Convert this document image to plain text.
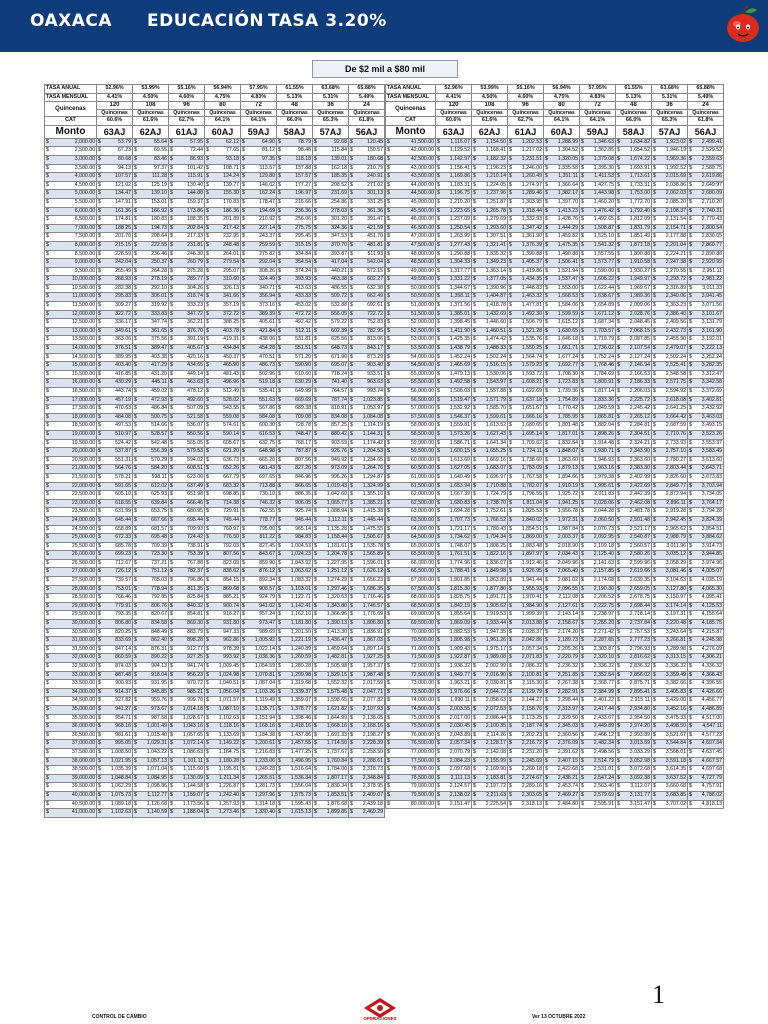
OAXACA EDUCACIÓN TASA 3.20%
De $2 mil a $80 mil
TASA ANUAL	52.96%	53.99%	55.16%	56.94%	57.95%	61.55%	63.68%	65.88%
TASA MENSUAL	4.41%	4.50%	4.60%	4.75%	4.83%	5.13%	5.31%	5.49%
Quincenas	120	108	96	80	72	48	36	24
	Quincenas	Quincenas	Quincenas	Quincenas	Quincenas	Quincenas	Quincenas	Quincenas
CAT	60.6%	61.6%	62.7%	64.1%	64.1%	66.0%	65.3%	61.8%
Monto	63AJ	62AJ	61AJ	60AJ	59AJ	58AJ	57AJ	56AJ

$ 2,000.00	$ 53.79	$ 55.64	$ 57.95	$ 62.12	$ 64.90	$ 78.79	$ 92.68	$ 120.45

$ 2,500.00	$ 67.23	$ 69.55	$ 72.44	$ 77.65	$ 81.12	$ 98.48	$ 115.84	$ 150.57

$ 3,000.00	$ 80.68	$ 83.46	$ 86.93	$ 93.18	$ 97.35	$ 118.18	$ 139.01	$ 180.68

$ 3,500.00	$ 94.13	$ 97.37	$ 101.42	$ 108.71	$ 113.57	$ 137.88	$ 162.18	$ 210.79

$ 4,000.00	$ 107.57	$ 111.28	$ 115.91	$ 124.24	$ 129.80	$ 157.57	$ 185.35	$ 240.91

$ 4,500.00	$ 121.02	$ 125.19	$ 130.40	$ 139.77	$ 146.02	$ 177.27	$ 208.52	$ 271.02

$ 5,000.00	$ 134.47	$ 139.10	$ 144.88	$ 155.30	$ 162.24	$ 196.97	$ 231.69	$ 301.13

$ 5,500.00	$ 147.91	$ 153.01	$ 159.37	$ 170.83	$ 178.47	$ 216.66	$ 254.86	$ 331.25

$ 6,000.00	$ 161.36	$ 166.92	$ 173.86	$ 186.36	$ 194.69	$ 236.36	$ 278.03	$ 361.36

$ 6,500.00	$ 174.81	$ 180.83	$ 188.35	$ 201.89	$ 210.92	$ 256.06	$ 301.20	$ 391.47

$ 7,000.00	$ 188.25	$ 194.73	$ 202.84	$ 217.42	$ 227.14	$ 275.75	$ 324.36	$ 421.59

$ 7,500.00	$ 201.70	$ 208.64	$ 217.33	$ 232.95	$ 243.37	$ 295.45	$ 347.53	$ 451.70

$ 8,000.00	$ 215.15	$ 222.55	$ 231.81	$ 248.48	$ 259.59	$ 315.15	$ 370.70	$ 481.81

$ 8,500.00	$ 228.59	$ 236.46	$ 246.30	$ 264.01	$ 275.82	$ 334.84	$ 393.87	$ 511.93

$ 9,000.00	$ 242.04	$ 250.37	$ 260.79	$ 279.54	$ 292.04	$ 354.54	$ 417.04	$ 542.04

$ 9,500.00	$ 255.49	$ 264.28	$ 275.28	$ 295.07	$ 308.26	$ 374.24	$ 440.21	$ 572.15

$ 10,000.00	$ 268.93	$ 278.19	$ 289.77	$ 310.60	$ 324.49	$ 393.93	$ 463.38	$ 602.27

$ 10,500.00	$ 282.38	$ 292.10	$ 304.26	$ 326.13	$ 340.71	$ 413.63	$ 486.55	$ 632.38

$ 11,000.00	$ 295.83	$ 306.01	$ 318.74	$ 341.66	$ 356.94	$ 433.33	$ 509.72	$ 662.49

$ 11,500.00	$ 309.27	$ 319.92	$ 333.23	$ 357.19	$ 373.16	$ 453.02	$ 532.88	$ 692.61

$ 12,000.00	$ 322.72	$ 333.83	$ 347.72	$ 372.72	$ 389.39	$ 472.72	$ 556.05	$ 722.72

$ 12,500.00	$ 336.17	$ 347.74	$ 362.21	$ 388.25	$ 405.61	$ 492.42	$ 579.22	$ 752.83

$ 13,000.00	$ 349.61	$ 361.65	$ 376.70	$ 403.78	$ 421.84	$ 512.11	$ 602.39	$ 782.95

$ 13,500.00	$ 363.06	$ 375.56	$ 391.19	$ 419.31	$ 438.06	$ 531.81	$ 625.56	$ 813.06

$ 14,000.00	$ 376.51	$ 389.47	$ 405.67	$ 434.84	$ 454.28	$ 551.51	$ 648.73	$ 843.17

$ 14,500.00	$ 389.95	$ 403.38	$ 420.16	$ 450.37	$ 470.51	$ 571.20	$ 671.90	$ 873.29

$ 15,000.00	$ 403.40	$ 417.29	$ 434.65	$ 465.90	$ 486.73	$ 590.90	$ 695.07	$ 903.40

$ 15,500.00	$ 416.85	$ 431.20	$ 449.14	$ 481.43	$ 502.96	$ 610.60	$ 718.24	$ 933.51

$ 16,000.00	$ 430.29	$ 445.11	$ 463.63	$ 496.96	$ 519.18	$ 630.29	$ 741.40	$ 963.63

$ 16,500.00	$ 443.74	$ 459.02	$ 478.12	$ 512.49	$ 535.41	$ 649.99	$ 764.57	$ 993.74

$ 17,000.00	$ 457.19	$ 472.93	$ 492.60	$ 528.02	$ 551.63	$ 669.69	$ 787.74	$ 1,023.85

$ 17,500.00	$ 470.63	$ 486.84	$ 507.09	$ 543.55	$ 567.86	$ 689.38	$ 810.91	$ 1,053.97

$ 18,000.00	$ 484.08	$ 500.75	$ 521.58	$ 559.08	$ 584.08	$ 709.08	$ 834.08	$ 1,084.08

$ 18,500.00	$ 497.53	$ 514.66	$ 536.07	$ 574.61	$ 600.30	$ 728.78	$ 857.25	$ 1,114.19

$ 19,000.00	$ 510.97	$ 528.57	$ 550.56	$ 590.14	$ 616.53	$ 748.47	$ 880.42	$ 1,144.31

$ 19,500.00	$ 524.42	$ 542.48	$ 565.05	$ 605.67	$ 632.75	$ 768.17	$ 903.59	$ 1,174.42

$ 20,000.00	$ 537.87	$ 556.39	$ 579.53	$ 621.20	$ 648.98	$ 787.87	$ 926.76	$ 1,204.53

$ 20,500.00	$ 551.31	$ 570.29	$ 594.02	$ 636.73	$ 665.20	$ 807.56	$ 949.92	$ 1,234.65

$ 21,000.00	$ 564.76	$ 584.20	$ 608.51	$ 652.26	$ 681.43	$ 827.26	$ 973.09	$ 1,264.76

$ 21,500.00	$ 578.21	$ 598.11	$ 623.00	$ 667.79	$ 697.65	$ 846.96	$ 996.26	$ 1,294.87

$ 22,000.00	$ 591.65	$ 612.02	$ 637.49	$ 683.32	$ 713.88	$ 866.65	$ 1,019.43	$ 1,324.99

$ 22,500.00	$ 605.10	$ 625.93	$ 651.98	$ 698.85	$ 730.10	$ 886.35	$ 1,042.60	$ 1,355.10

$ 23,000.00	$ 618.55	$ 639.84	$ 666.46	$ 714.38	$ 746.32	$ 906.05	$ 1,065.77	$ 1,385.21

$ 23,500.00	$ 631.99	$ 653.75	$ 680.95	$ 729.91	$ 762.55	$ 925.74	$ 1,088.94	$ 1,415.33

$ 24,000.00	$ 645.44	$ 667.66	$ 695.44	$ 745.44	$ 778.77	$ 945.44	$ 1,112.11	$ 1,445.44

$ 24,500.00	$ 658.89	$ 681.57	$ 709.93	$ 760.97	$ 795.00	$ 965.14	$ 1,135.28	$ 1,475.55

$ 25,000.00	$ 672.33	$ 695.48	$ 724.42	$ 776.50	$ 811.22	$ 984.83	$ 1,158.44	$ 1,505.67

$ 25,500.00	$ 685.78	$ 709.39	$ 738.91	$ 792.03	$ 827.45	$ 1,004.53	$ 1,181.61	$ 1,535.78

$ 26,000.00	$ 699.23	$ 723.30	$ 753.39	$ 807.56	$ 843.67	$ 1,024.23	$ 1,204.78	$ 1,565.89

$ 26,500.00	$ 712.67	$ 737.21	$ 767.88	$ 823.09	$ 859.90	$ 1,043.92	$ 1,227.95	$ 1,596.01

$ 27,000.00	$ 726.12	$ 751.12	$ 782.37	$ 838.62	$ 876.12	$ 1,063.62	$ 1,251.12	$ 1,626.12

$ 27,500.00	$ 739.57	$ 765.03	$ 796.86	$ 854.15	$ 892.34	$ 1,083.32	$ 1,274.29	$ 1,656.23

$ 28,000.00	$ 753.01	$ 778.94	$ 811.35	$ 869.68	$ 908.57	$ 1,103.01	$ 1,297.46	$ 1,686.35

$ 28,500.00	$ 766.46	$ 792.85	$ 825.84	$ 885.21	$ 924.79	$ 1,122.71	$ 1,320.63	$ 1,716.46

$ 29,000.00	$ 779.91	$ 806.76	$ 840.32	$ 900.74	$ 941.02	$ 1,142.41	$ 1,343.80	$ 1,746.57

$ 29,500.00	$ 793.35	$ 820.67	$ 854.81	$ 916.27	$ 957.24	$ 1,162.10	$ 1,366.96	$ 1,776.69

$ 30,000.00	$ 806.80	$ 834.58	$ 869.30	$ 931.80	$ 973.47	$ 1,181.80	$ 1,390.13	$ 1,806.80

$ 30,500.00	$ 820.25	$ 848.49	$ 883.79	$ 947.33	$ 989.69	$ 1,201.50	$ 1,413.30	$ 1,836.91

$ 31,000.00	$ 833.69	$ 862.40	$ 898.28	$ 962.86	$ 1,005.92	$ 1,221.19	$ 1,436.47	$ 1,867.03

$ 31,500.00	$ 847.14	$ 876.31	$ 912.77	$ 978.39	$ 1,022.14	$ 1,240.89	$ 1,459.64	$ 1,897.14

$ 32,000.00	$ 860.59	$ 890.22	$ 927.25	$ 993.92	$ 1,038.36	$ 1,260.59	$ 1,482.81	$ 1,927.25

$ 32,500.00	$ 874.03	$ 904.13	$ 941.74	$ 1,009.45	$ 1,054.59	$ 1,280.28	$ 1,505.98	$ 1,957.37

$ 33,000.00	$ 887.48	$ 918.04	$ 956.23	$ 1,024.98	$ 1,070.81	$ 1,299.98	$ 1,529.15	$ 1,987.48

$ 33,500.00	$ 900.93	$ 931.95	$ 970.72	$ 1,040.51	$ 1,087.04	$ 1,319.68	$ 1,552.32	$ 2,017.59

$ 34,000.00	$ 914.37	$ 945.85	$ 985.21	$ 1,056.04	$ 1,103.26	$ 1,339.37	$ 1,575.48	$ 2,047.71

$ 34,500.00	$ 927.82	$ 959.76	$ 999.70	$ 1,071.57	$ 1,119.49	$ 1,359.07	$ 1,598.65	$ 2,077.82

$ 35,000.00	$ 941.27	$ 973.67	$ 1,014.18	$ 1,087.10	$ 1,135.71	$ 1,378.77	$ 1,621.82	$ 2,107.93

$ 35,500.00	$ 954.71	$ 987.58	$ 1,028.67	$ 1,102.63	$ 1,151.94	$ 1,398.46	$ 1,644.99	$ 2,138.05

$ 36,000.00	$ 968.16	$ 1,001.49	$ 1,043.16	$ 1,118.16	$ 1,168.16	$ 1,418.16	$ 1,668.16	$ 2,168.16

$ 36,500.00	$ 981.61	$ 1,015.40	$ 1,057.65	$ 1,133.69	$ 1,184.38	$ 1,437.86	$ 1,691.33	$ 2,198.27

$ 37,000.00	$ 995.05	$ 1,029.31	$ 1,072.14	$ 1,149.22	$ 1,200.61	$ 1,457.55	$ 1,714.50	$ 2,228.39

$ 37,500.00	$ 1,008.50	$ 1,043.22	$ 1,086.63	$ 1,164.75	$ 1,216.83	$ 1,477.25	$ 1,737.67	$ 2,258.50

$ 38,000.00	$ 1,021.95	$ 1,057.13	$ 1,101.11	$ 1,180.28	$ 1,233.06	$ 1,496.95	$ 1,760.84	$ 2,288.61

$ 38,500.00	$ 1,035.39	$ 1,071.04	$ 1,115.60	$ 1,195.81	$ 1,249.28	$ 1,516.64	$ 1,784.00	$ 2,318.73

$ 39,000.00	$ 1,048.84	$ 1,084.95	$ 1,130.09	$ 1,211.34	$ 1,265.51	$ 1,536.34	$ 1,807.17	$ 2,348.84

$ 39,500.00	$ 1,062.29	$ 1,098.86	$ 1,144.58	$ 1,226.87	$ 1,281.73	$ 1,556.04	$ 1,830.34	$ 2,378.95

$ 40,000.00	$ 1,075.73	$ 1,112.77	$ 1,159.07	$ 1,242.40	$ 1,297.96	$ 1,575.73	$ 1,853.51	$ 2,409.07

$ 40,500.00	$ 1,089.18	$ 1,126.68	$ 1,173.56	$ 1,257.93	$ 1,314.18	$ 1,595.43	$ 1,876.68	$ 2,439.18

$ 41,000.00	$ 1,102.63	$ 1,140.59	$ 1,188.04	$ 1,273.46	$ 1,330.40	$ 1,615.13	$ 1,899.85	$ 2,469.29
TASA ANUAL	52.96%	53.99%	55.16%	56.94%	57.95%	61.55%	63.68%	65.88%
TASA MENSUAL	4.41%	4.50%	4.60%	4.75%	4.83%	5.13%	5.31%	5.49%
Quincenas	120	108	96	80	72	48	36	24
	Quincenas	Quincenas	Quincenas	Quincenas	Quincenas	Quincenas	Quincenas	Quincenas
CAT	60.6%	61.6%	62.7%	64.1%	64.1%	66.0%	65.3%	61.8%
Monto	63AJ	62AJ	61AJ	60AJ	59AJ	58AJ	57AJ	56AJ

$ 41,500.00	$ 1,116.07	$ 1,154.50	$ 1,202.53	$ 1,288.99	$ 1,346.63	$ 1,634.82	$ 1,923.02	$ 2,499.41

$ 42,000.00	$ 1,129.52	$ 1,168.41	$ 1,217.02	$ 1,304.52	$ 1,362.85	$ 1,654.52	$ 1,946.19	$ 2,529.52

$ 42,500.00	$ 1,142.97	$ 1,182.32	$ 1,231.51	$ 1,320.05	$ 1,379.08	$ 1,674.22	$ 1,969.36	$ 2,559.63

$ 43,000.00	$ 1,156.41	$ 1,196.23	$ 1,246.00	$ 1,335.58	$ 1,395.30	$ 1,693.91	$ 1,992.52	$ 2,589.75

$ 43,500.00	$ 1,169.86	$ 1,210.14	$ 1,260.49	$ 1,351.11	$ 1,411.53	$ 1,713.61	$ 2,015.69	$ 2,619.86

$ 44,000.00	$ 1,183.31	$ 1,224.05	$ 1,274.97	$ 1,366.64	$ 1,427.75	$ 1,733.31	$ 2,038.86	$ 2,649.97

$ 44,500.00	$ 1,196.75	$ 1,237.96	$ 1,289.46	$ 1,382.17	$ 1,443.98	$ 1,753.00	$ 2,062.03	$ 2,680.09

$ 45,000.00	$ 1,210.20	$ 1,251.87	$ 1,303.95	$ 1,397.70	$ 1,460.20	$ 1,772.70	$ 2,085.20	$ 2,710.20

$ 45,500.00	$ 1,223.65	$ 1,265.78	$ 1,318.44	$ 1,413.23	$ 1,476.42	$ 1,792.40	$ 2,108.37	$ 2,740.31

$ 46,000.00	$ 1,237.09	$ 1,279.69	$ 1,332.93	$ 1,428.76	$ 1,492.65	$ 1,812.09	$ 2,131.54	$ 2,770.43

$ 46,500.00	$ 1,250.54	$ 1,293.60	$ 1,347.42	$ 1,444.29	$ 1,508.87	$ 1,831.79	$ 2,154.71	$ 2,800.54

$ 47,000.00	$ 1,263.99	$ 1,307.51	$ 1,361.90	$ 1,459.82	$ 1,525.10	$ 1,851.49	$ 2,177.88	$ 2,830.65

$ 47,500.00	$ 1,277.43	$ 1,321.41	$ 1,376.39	$ 1,475.35	$ 1,541.32	$ 1,871.18	$ 2,201.04	$ 2,860.77

$ 48,000.00	$ 1,290.88	$ 1,335.32	$ 1,390.88	$ 1,490.88	$ 1,557.55	$ 1,890.88	$ 2,224.21	$ 2,890.88

$ 48,500.00	$ 1,304.33	$ 1,349.23	$ 1,405.37	$ 1,506.41	$ 1,573.77	$ 1,910.58	$ 2,247.38	$ 2,920.99

$ 49,000.00	$ 1,317.77	$ 1,363.14	$ 1,419.86	$ 1,521.94	$ 1,590.00	$ 1,930.27	$ 2,270.55	$ 2,951.11

$ 49,500.00	$ 1,331.22	$ 1,377.05	$ 1,434.35	$ 1,537.47	$ 1,606.22	$ 1,949.97	$ 2,293.72	$ 2,981.22

$ 50,000.00	$ 1,344.67	$ 1,390.96	$ 1,448.83	$ 1,553.00	$ 1,622.44	$ 1,969.67	$ 2,316.89	$ 3,011.33

$ 50,500.00	$ 1,358.11	$ 1,404.87	$ 1,463.32	$ 1,568.53	$ 1,638.67	$ 1,989.36	$ 2,340.06	$ 3,041.45

$ 51,000.00	$ 1,371.56	$ 1,418.78	$ 1,477.81	$ 1,584.06	$ 1,654.89	$ 2,009.06	$ 2,363.23	$ 3,071.56

$ 51,500.00	$ 1,385.01	$ 1,432.69	$ 1,492.30	$ 1,599.59	$ 1,671.12	$ 2,028.76	$ 2,386.40	$ 3,101.67

$ 52,000.00	$ 1,398.45	$ 1,446.60	$ 1,506.79	$ 1,615.12	$ 1,687.34	$ 2,048.45	$ 2,409.56	$ 3,131.79

$ 52,500.00	$ 1,411.90	$ 1,460.51	$ 1,521.28	$ 1,630.65	$ 1,703.57	$ 2,068.15	$ 2,432.73	$ 3,161.90

$ 53,000.00	$ 1,425.35	$ 1,474.42	$ 1,535.76	$ 1,646.18	$ 1,719.79	$ 2,087.85	$ 2,455.90	$ 3,192.01

$ 53,500.00	$ 1,438.79	$ 1,488.33	$ 1,550.25	$ 1,661.71	$ 1,736.02	$ 2,107.54	$ 2,479.07	$ 3,222.13

$ 54,000.00	$ 1,452.24	$ 1,502.24	$ 1,564.74	$ 1,677.24	$ 1,752.24	$ 2,127.24	$ 2,502.24	$ 3,252.24

$ 54,500.00	$ 1,465.69	$ 1,516.15	$ 1,579.23	$ 1,692.77	$ 1,768.46	$ 2,146.94	$ 2,525.41	$ 3,282.35

$ 55,000.00	$ 1,479.13	$ 1,530.06	$ 1,593.72	$ 1,708.30	$ 1,784.69	$ 2,166.63	$ 2,548.58	$ 3,312.47

$ 55,500.00	$ 1,492.58	$ 1,543.97	$ 1,608.21	$ 1,723.83	$ 1,800.91	$ 2,186.33	$ 2,571.75	$ 3,342.58

$ 56,000.00	$ 1,506.03	$ 1,557.88	$ 1,622.69	$ 1,739.36	$ 1,817.14	$ 2,206.03	$ 2,594.92	$ 3,372.69

$ 56,500.00	$ 1,519.47	$ 1,571.79	$ 1,637.18	$ 1,754.89	$ 1,833.36	$ 2,225.72	$ 2,618.08	$ 3,402.81

$ 57,000.00	$ 1,532.92	$ 1,585.70	$ 1,651.67	$ 1,770.42	$ 1,849.59	$ 2,245.42	$ 2,641.25	$ 3,432.92

$ 57,500.00	$ 1,546.37	$ 1,599.61	$ 1,666.16	$ 1,785.95	$ 1,865.81	$ 2,265.12	$ 2,664.42	$ 3,463.03

$ 58,000.00	$ 1,559.81	$ 1,613.52	$ 1,680.65	$ 1,801.48	$ 1,882.04	$ 2,284.81	$ 2,687.59	$ 3,493.15

$ 58,500.00	$ 1,573.26	$ 1,627.43	$ 1,695.14	$ 1,817.01	$ 1,898.26	$ 2,304.51	$ 2,710.76	$ 3,523.26

$ 59,000.00	$ 1,586.71	$ 1,641.34	$ 1,709.62	$ 1,832.54	$ 1,914.48	$ 2,324.21	$ 2,733.93	$ 3,553.37

$ 59,500.00	$ 1,600.15	$ 1,655.25	$ 1,724.11	$ 1,848.07	$ 1,930.71	$ 2,343.90	$ 2,757.10	$ 3,583.49

$ 60,000.00	$ 1,613.60	$ 1,669.16	$ 1,738.60	$ 1,863.60	$ 1,946.93	$ 2,363.60	$ 2,780.27	$ 3,613.60

$ 60,500.00	$ 1,627.05	$ 1,683.07	$ 1,753.09	$ 1,879.13	$ 1,963.16	$ 2,383.30	$ 2,803.44	$ 3,643.71

$ 61,000.00	$ 1,640.49	$ 1,696.97	$ 1,767.58	$ 1,894.66	$ 1,979.38	$ 2,402.99	$ 2,826.60	$ 3,673.83

$ 61,500.00	$ 1,653.94	$ 1,710.88	$ 1,782.07	$ 1,910.19	$ 1,995.61	$ 2,422.69	$ 2,849.77	$ 3,703.94

$ 62,000.00	$ 1,667.39	$ 1,724.79	$ 1,796.55	$ 1,925.72	$ 2,011.83	$ 2,442.39	$ 2,872.94	$ 3,734.05

$ 62,500.00	$ 1,680.83	$ 1,738.70	$ 1,811.04	$ 1,941.25	$ 2,028.06	$ 2,462.08	$ 2,896.11	$ 3,764.17

$ 63,000.00	$ 1,694.28	$ 1,752.61	$ 1,825.53	$ 1,956.78	$ 2,044.28	$ 2,481.78	$ 2,919.28	$ 3,794.28

$ 63,500.00	$ 1,707.73	$ 1,766.52	$ 1,840.02	$ 1,972.31	$ 2,060.50	$ 2,501.48	$ 2,942.45	$ 3,824.39

$ 64,000.00	$ 1,721.17	$ 1,780.43	$ 1,854.51	$ 1,987.84	$ 2,076.73	$ 2,521.17	$ 2,965.62	$ 3,854.51

$ 64,500.00	$ 1,734.62	$ 1,794.34	$ 1,869.00	$ 2,003.37	$ 2,092.95	$ 2,540.87	$ 2,988.79	$ 3,884.62

$ 65,000.00	$ 1,748.07	$ 1,808.25	$ 1,883.48	$ 2,018.90	$ 2,109.18	$ 2,560.57	$ 3,011.96	$ 3,914.73

$ 65,500.00	$ 1,761.51	$ 1,822.16	$ 1,897.97	$ 2,034.43	$ 2,125.40	$ 2,580.26	$ 3,035.12	$ 3,944.85

$ 66,000.00	$ 1,774.96	$ 1,836.07	$ 1,912.46	$ 2,049.96	$ 2,141.63	$ 2,599.96	$ 3,058.29	$ 3,974.96

$ 66,500.00	$ 1,788.41	$ 1,849.98	$ 1,926.95	$ 2,065.49	$ 2,157.85	$ 2,619.66	$ 3,081.46	$ 4,005.07

$ 67,000.00	$ 1,801.85	$ 1,863.89	$ 1,941.44	$ 2,081.02	$ 2,174.08	$ 2,639.35	$ 3,104.63	$ 4,035.19

$ 67,500.00	$ 1,815.30	$ 1,877.80	$ 1,955.93	$ 2,096.55	$ 2,190.30	$ 2,659.05	$ 3,127.80	$ 4,065.30

$ 68,000.00	$ 1,828.75	$ 1,891.71	$ 1,970.41	$ 2,112.08	$ 2,206.52	$ 2,678.75	$ 3,150.97	$ 4,095.41

$ 68,500.00	$ 1,842.19	$ 1,905.62	$ 1,984.90	$ 2,127.61	$ 2,222.75	$ 2,698.44	$ 3,174.14	$ 4,125.53

$ 69,000.00	$ 1,855.64	$ 1,919.53	$ 1,999.39	$ 2,143.14	$ 2,238.97	$ 2,718.14	$ 3,197.31	$ 4,155.64

$ 69,500.00	$ 1,869.09	$ 1,933.44	$ 2,013.88	$ 2,158.67	$ 2,255.20	$ 2,737.84	$ 3,220.48	$ 4,185.75

$ 70,000.00	$ 1,882.53	$ 1,947.35	$ 2,028.37	$ 2,174.20	$ 2,271.42	$ 2,757.53	$ 3,243.64	$ 4,215.87

$ 70,500.00	$ 1,895.98	$ 1,961.26	$ 2,042.86	$ 2,189.73	$ 2,287.65	$ 2,777.23	$ 3,266.81	$ 4,245.98

$ 71,000.00	$ 1,909.43	$ 1,975.17	$ 2,057.34	$ 2,205.26	$ 2,303.87	$ 2,796.93	$ 3,289.98	$ 4,276.09

$ 71,500.00	$ 1,922.87	$ 1,989.08	$ 2,071.83	$ 2,220.79	$ 2,320.10	$ 2,816.62	$ 3,313.15	$ 4,306.21

$ 72,000.00	$ 1,936.32	$ 2,002.99	$ 2,086.32	$ 2,236.32	$ 2,336.32	$ 2,836.32	$ 3,336.32	$ 4,336.32

$ 72,500.00	$ 1,949.77	$ 2,016.90	$ 2,100.81	$ 2,251.85	$ 2,352.54	$ 2,856.02	$ 3,359.49	$ 4,366.43

$ 73,000.00	$ 1,963.21	$ 2,030.81	$ 2,115.30	$ 2,267.38	$ 2,368.77	$ 2,875.71	$ 3,382.66	$ 4,396.55

$ 73,500.00	$ 1,976.66	$ 2,044.72	$ 2,129.79	$ 2,282.91	$ 2,384.99	$ 2,895.41	$ 3,405.83	$ 4,426.66

$ 74,000.00	$ 1,990.11	$ 2,058.63	$ 2,144.27	$ 2,298.44	$ 2,401.22	$ 2,915.11	$ 3,429.00	$ 4,456.77

$ 74,500.00	$ 2,003.55	$ 2,072.53	$ 2,158.76	$ 2,313.97	$ 2,417.44	$ 2,934.80	$ 3,452.16	$ 4,486.89

$ 75,000.00	$ 2,017.00	$ 2,086.44	$ 2,173.25	$ 2,329.50	$ 2,433.67	$ 2,954.50	$ 3,475.33	$ 4,517.00

$ 75,500.00	$ 2,030.45	$ 2,100.35	$ 2,187.74	$ 2,345.03	$ 2,449.89	$ 2,974.20	$ 3,498.50	$ 4,547.11

$ 76,000.00	$ 2,043.89	$ 2,114.26	$ 2,202.23	$ 2,360.56	$ 2,466.12	$ 2,993.89	$ 3,521.67	$ 4,577.23

$ 76,500.00	$ 2,057.34	$ 2,128.17	$ 2,216.72	$ 2,376.09	$ 2,482.34	$ 3,013.59	$ 3,544.84	$ 4,607.34

$ 77,000.00	$ 2,070.79	$ 2,142.08	$ 2,231.20	$ 2,391.62	$ 2,498.56	$ 3,033.29	$ 3,568.01	$ 4,637.45

$ 77,500.00	$ 2,084.23	$ 2,155.99	$ 2,245.69	$ 2,407.15	$ 2,514.79	$ 3,052.98	$ 3,591.18	$ 4,667.57

$ 78,000.00	$ 2,097.68	$ 2,169.90	$ 2,260.18	$ 2,422.68	$ 2,531.01	$ 3,072.68	$ 3,614.35	$ 4,697.68

$ 78,500.00	$ 2,111.13	$ 2,183.81	$ 2,274.67	$ 2,438.21	$ 2,547.24	$ 3,092.38	$ 3,637.52	$ 4,727.79

$ 79,000.00	$ 2,124.57	$ 2,197.72	$ 2,289.16	$ 2,453.74	$ 2,563.46	$ 3,112.07	$ 3,660.68	$ 4,757.91

$ 79,500.00	$ 2,138.02	$ 2,211.63	$ 2,303.65	$ 2,469.27	$ 2,579.69	$ 3,131.77	$ 3,683.85	$ 4,788.02

$ 80,000.00	$ 2,151.47	$ 2,225.54	$ 2,318.13	$ 2,484.80	$ 2,595.91	$ 3,151.47	$ 3,707.02	$ 4,818.13
CONTROL DE CAMBIO	OPERACIONES	Ver 13 OCTUBRE 2022
1
